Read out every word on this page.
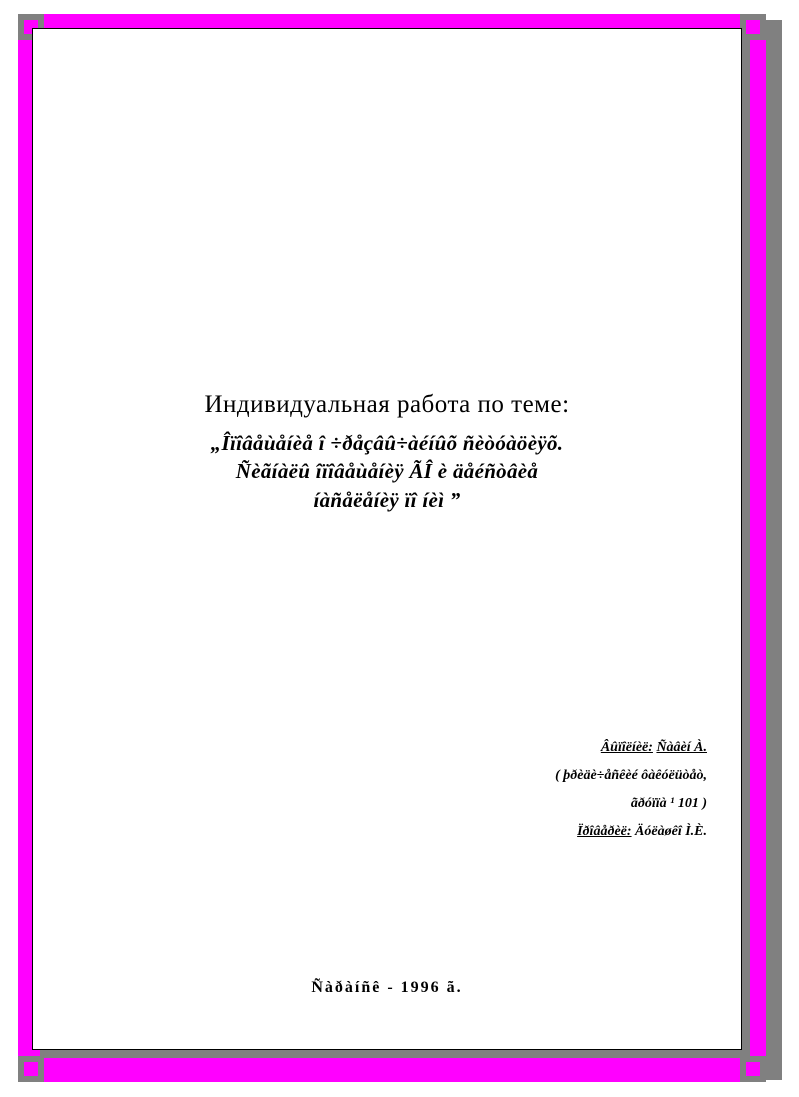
Индивидуальная работа по теме:
„Îïîâåùåíèå î ÷ðåçâû÷àéíûõ ñèòóàöèÿõ.
Ñèãíàëû îïîâåùåíèÿ ÃÎ è äåéñòâèå
íàñåëåíèÿ ïî íèì ”
Âûïîëíèë: Ñàâèí À.
( þðèäè÷åñêèé ôàêóëüòåò,
ãðóïïà ¹ 101 )
Ïðîâåðèë: Äóëàøêî Ì.È.
Ñàðàíñê - 1996 ã.
